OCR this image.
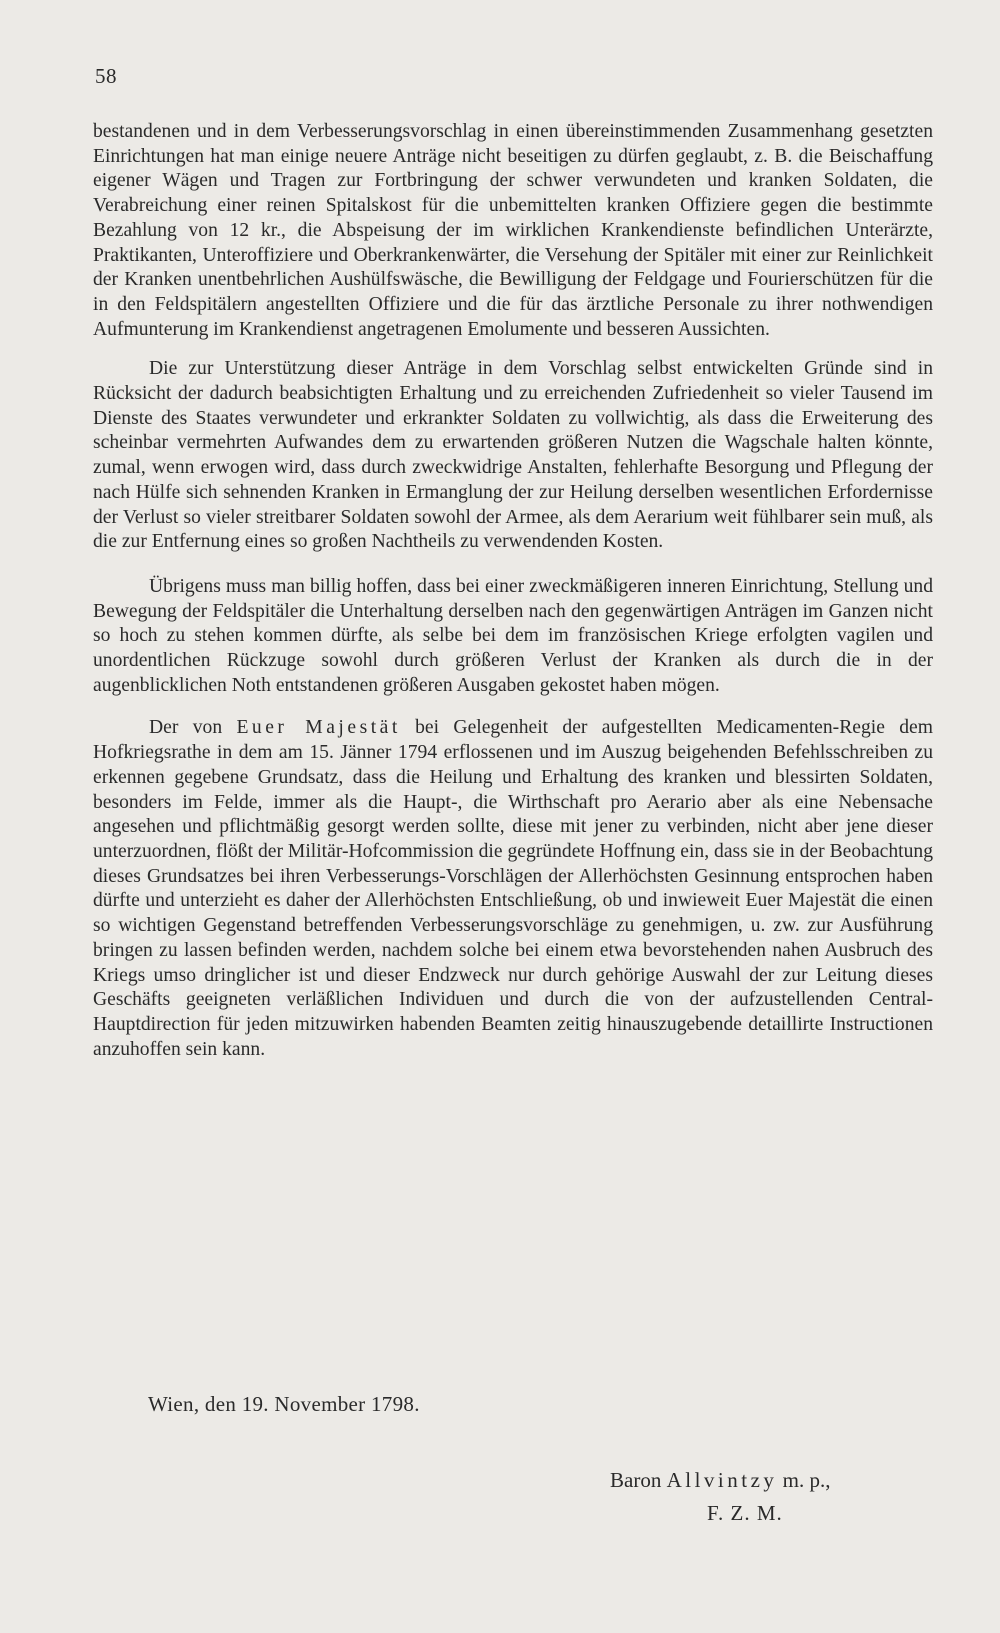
58

bestandenen und in dem Verbesserungsvorschlag in einen übereinstimmenden Zusammenhang gesetzten Einrichtungen hat man einige neuere Anträge nicht beseitigen zu dürfen geglaubt, z. B. die Beischaffung eigener Wägen und Tragen zur Fortbringung der schwer verwundeten und kranken Soldaten, die Verabreichung einer reinen Spitalskost für die unbemittelten kranken Offiziere gegen die bestimmte Bezahlung von 12 kr., die Abspeisung der im wirklichen Krankendienste befindlichen Unterärzte, Praktikanten, Unteroffiziere und Oberkrankenwärter, die Versehung der Spitäler mit einer zur Reinlichkeit der Kranken unentbehrlichen Aushülfswäsche, die Bewilligung der Feldgage und Fourierschützen für die in den Feldspitälern angestellten Offiziere und die für das ärztliche Personale zu ihrer nothwendigen Aufmunterung im Krankendienst angetragenen Emolumente und besseren Aussichten.

Die zur Unterstützung dieser Anträge in dem Vorschlag selbst entwickelten Gründe sind in Rücksicht der dadurch beabsichtigten Erhaltung und zu erreichenden Zufriedenheit so vieler Tausend im Dienste des Staates verwundeter und erkrankter Soldaten zu vollwichtig, als dass die Erweiterung des scheinbar vermehrten Aufwandes dem zu erwartenden größeren Nutzen die Wagschale halten könnte, zumal, wenn erwogen wird, dass durch zweckwidrige Anstalten, fehlerhafte Besorgung und Pflegung der nach Hülfe sich sehnenden Kranken in Ermanglung der zur Heilung derselben wesentlichen Erfordernisse der Verlust so vieler streitbarer Soldaten sowohl der Armee, als dem Aerarium weit fühlbarer sein muß, als die zur Entfernung eines so großen Nachtheils zu verwendenden Kosten.

Übrigens muss man billig hoffen, dass bei einer zweckmäßigeren inneren Einrichtung, Stellung und Bewegung der Feldspitäler die Unterhaltung derselben nach den gegenwärtigen Anträgen im Ganzen nicht so hoch zu stehen kommen dürfte, als selbe bei dem im französischen Kriege erfolgten vagilen und unordentlichen Rückzuge sowohl durch größeren Verlust der Kranken als durch die in der augenblicklichen Noth entstandenen größeren Ausgaben gekostet haben mögen.

Der von Euer Majestät bei Gelegenheit der aufgestellten Medicamenten-Regie dem Hofkriegsrathe in dem am 15. Jänner 1794 erflossenen und im Auszug beigehenden Befehlsschreiben zu erkennen gegebene Grundsatz, dass die Heilung und Erhaltung des kranken und blessirten Soldaten, besonders im Felde, immer als die Haupt-, die Wirthschaft pro Aerario aber als eine Nebensache angesehen und pflichtmäßig gesorgt werden sollte, diese mit jener zu verbinden, nicht aber jene dieser unterzuordnen, flößt der Militär-Hofcommission die gegründete Hoffnung ein, dass sie in der Beobachtung dieses Grundsatzes bei ihren Verbesserungs-Vorschlägen der Allerhöchsten Gesinnung entsprochen haben dürfte und unterzieht es daher der Allerhöchsten Entschließung, ob und inwieweit Euer Majestät die einen so wichtigen Gegenstand betreffenden Verbesserungsvorschläge zu genehmigen, u. zw. zur Ausführung bringen zu lassen befinden werden, nachdem solche bei einem etwa bevorstehenden nahen Ausbruch des Kriegs umso dringlicher ist und dieser Endzweck nur durch gehörige Auswahl der zur Leitung dieses Geschäfts geeigneten verläßlichen Individuen und durch die von der aufzustellenden Central-Hauptdirection für jeden mitzuwirken habenden Beamten zeitig hinauszugebende detaillirte Instructionen anzuhoffen sein kann.

Wien, den 19. November 1798.
Baron Allvintzy m. p.,
F. Z. M.
